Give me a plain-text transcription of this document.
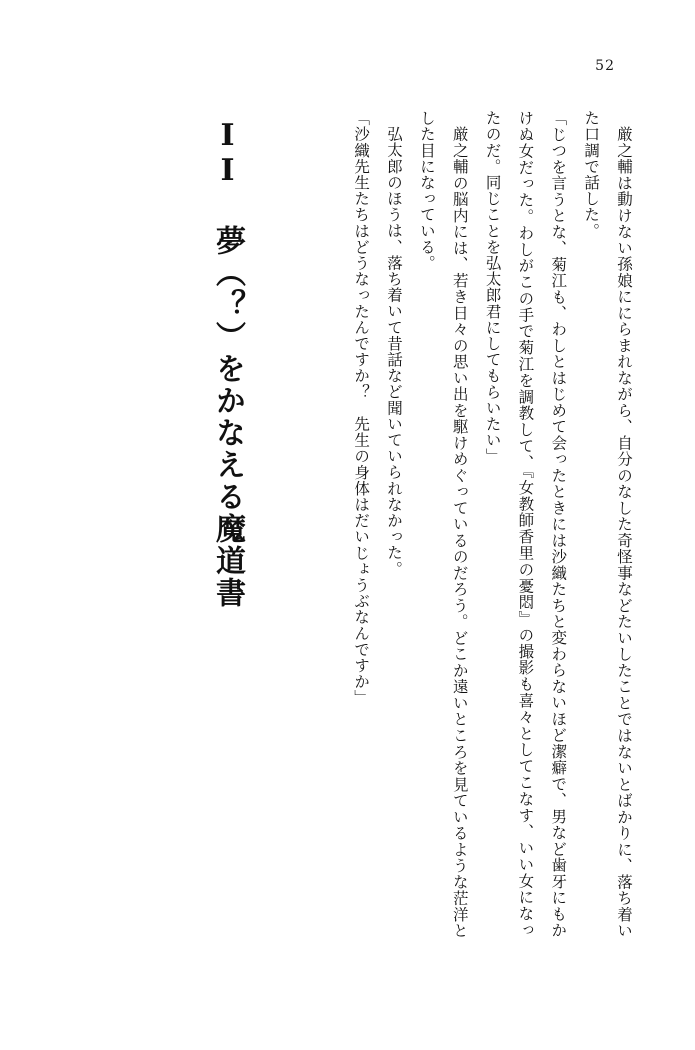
52
II 夢（？）をかなえる魔道書	厳之輔は動けない孫娘ににらまれながら、自分のなした奇怪事などたいしたことではないとばかりに、落ち着いた口調で話した。

「じつを言うとな、菊江も、わしとはじめて会ったときには沙織たちと変わらないほど潔癖で、男など歯牙にもかけぬ女だった。わしがこの手で菊江を調教して、『女教師香里の憂悶』の撮影も喜々としてこなす、いい女になったのだ。同じことを弘太郎君にしてもらいたい」

厳之輔の脳内には、若き日々の思い出を駆けめぐっているのだろう。どこか遠いところを見ているような茫洋とした目になっている。

弘太郎のほうは、落ち着いて昔話など聞いていられなかった。

「沙織先生たちはどうなったんですか？　先生の身体はだいじょうぶなんですか」
